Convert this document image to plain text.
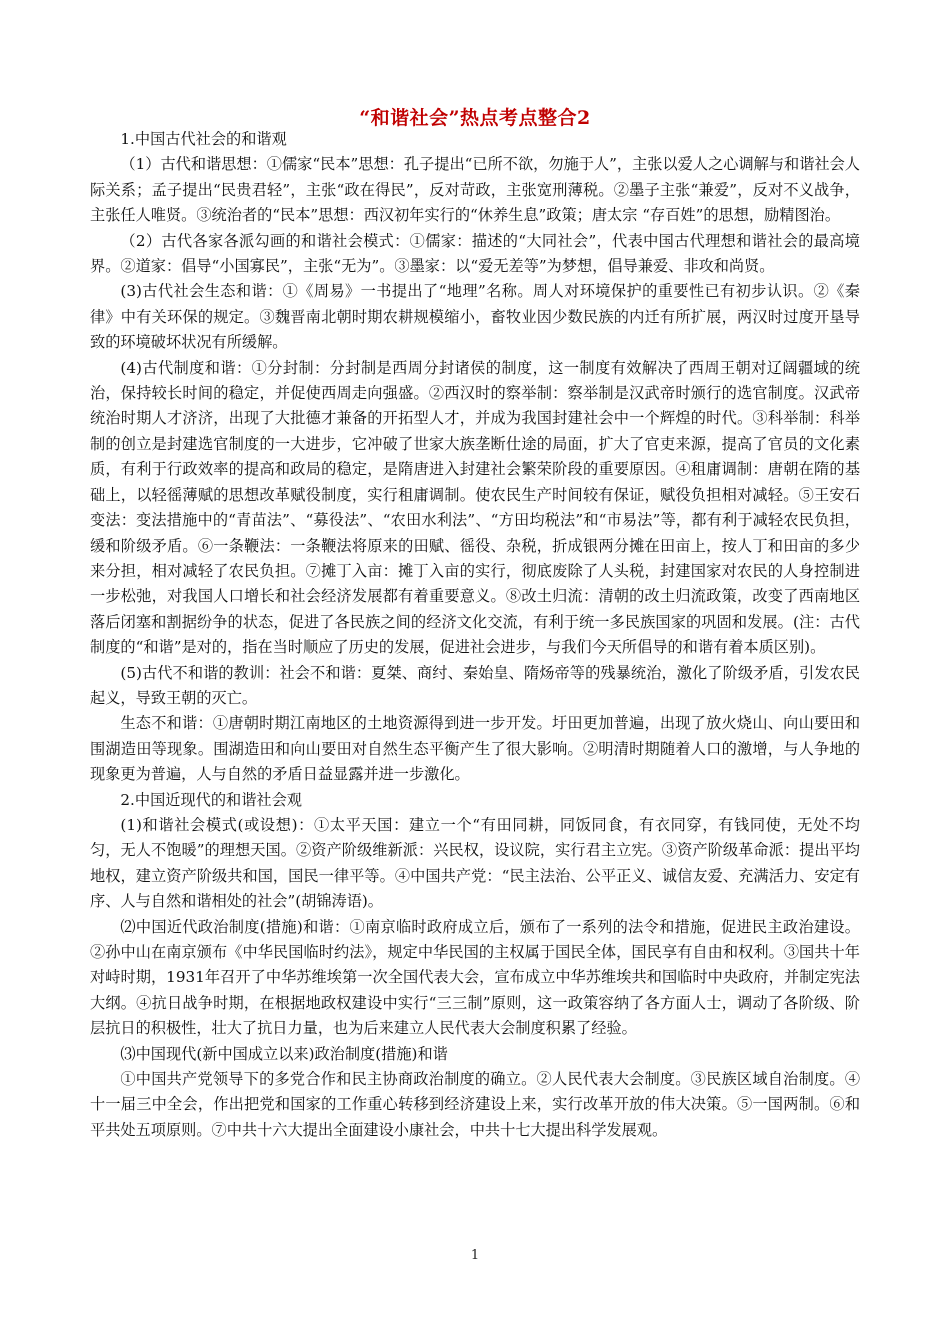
“和谐社会”热点考点整合2

1.中国古代社会的和谐观

（1）古代和谐思想：①儒家“民本”思想：孔子提出“已所不欲，勿施于人”，主张以爱人之心调解与和谐社会人际关系；孟子提出“民贵君轻”，主张“政在得民”，反对苛政，主张宽刑薄税。②墨子主张“兼爱”，反对不义战争，主张任人唯贤。③统治者的“民本”思想：西汉初年实行的“休养生息”政策；唐太宗 “存百姓”的思想，励精图治。

（2）古代各家各派勾画的和谐社会模式：①儒家：描述的“大同社会”，代表中国古代理想和谐社会的最高境界。②道家：倡导“小国寡民”，主张“无为”。③墨家：以“爱无差等”为梦想，倡导兼爱、非攻和尚贤。

(3)古代社会生态和谐：①《周易》一书提出了“地理”名称。周人对环境保护的重要性已有初步认识。②《秦律》中有关环保的规定。③魏晋南北朝时期农耕规模缩小，畜牧业因少数民族的内迁有所扩展，两汉时过度开垦导致的环境破坏状况有所缓解。

(4)古代制度和谐：①分封制：分封制是西周分封诸侯的制度，这一制度有效解决了西周王朝对辽阔疆域的统治，保持较长时间的稳定，并促使西周走向强盛。②西汉时的察举制：察举制是汉武帝时颁行的选官制度。汉武帝统治时期人才济济，出现了大批德才兼备的开拓型人才，并成为我国封建社会中一个辉煌的时代。③科举制：科举制的创立是封建选官制度的一大进步，它冲破了世家大族垄断仕途的局面，扩大了官吏来源，提高了官员的文化素质，有利于行政效率的提高和政局的稳定，是隋唐进入封建社会繁荣阶段的重要原因。④租庸调制：唐朝在隋的基础上，以轻徭薄赋的思想改革赋役制度，实行租庸调制。使农民生产时间较有保证，赋役负担相对减轻。⑤王安石变法：变法措施中的“青苗法”、“募役法”、“农田水利法”、“方田均税法”和“市易法”等，都有利于减轻农民负担，缓和阶级矛盾。⑥一条鞭法：一条鞭法将原来的田赋、徭役、杂税，折成银两分摊在田亩上，按人丁和田亩的多少来分担，相对减轻了农民负担。⑦摊丁入亩：摊丁入亩的实行，彻底废除了人头税，封建国家对农民的人身控制进一步松弛，对我国人口增长和社会经济发展都有着重要意义。⑧改土归流：清朝的改土归流政策，改变了西南地区落后闭塞和割据纷争的状态，促进了各民族之间的经济文化交流，有利于统一多民族国家的巩固和发展。(注：古代制度的“和谐”是对的，指在当时顺应了历史的发展，促进社会进步，与我们今天所倡导的和谐有着本质区别)。

(5)古代不和谐的教训：社会不和谐：夏桀、商纣、秦始皇、隋炀帝等的残暴统治，激化了阶级矛盾，引发农民起义，导致王朝的灭亡。

生态不和谐：①唐朝时期江南地区的土地资源得到进一步开发。圩田更加普遍，出现了放火烧山、向山要田和围湖造田等现象。围湖造田和向山要田对自然生态平衡产生了很大影响。②明清时期随着人口的激增，与人争地的现象更为普遍，人与自然的矛盾日益显露并进一步激化。

2.中国近现代的和谐社会观

(1)和谐社会模式(或设想)：①太平天国：建立一个“有田同耕，同饭同食，有衣同穿，有钱同使，无处不均匀，无人不饱暖”的理想天国。②资产阶级维新派：兴民权，设议院，实行君主立宪。③资产阶级革命派：提出平均地权，建立资产阶级共和国，国民一律平等。④中国共产党：“民主法治、公平正义、诚信友爱、充满活力、安定有序、人与自然和谐相处的社会”(胡锦涛语)。

⑵中国近代政治制度(措施)和谐：①南京临时政府成立后，颁布了一系列的法令和措施，促进民主政治建设。②孙中山在南京颁布《中华民国临时约法》，规定中华民国的主权属于国民全体，国民享有自由和权利。③国共十年对峙时期，1931年召开了中华苏维埃第一次全国代表大会，宣布成立中华苏维埃共和国临时中央政府，并制定宪法大纲。④抗日战争时期，在根据地政权建设中实行“三三制”原则，这一政策容纳了各方面人士，调动了各阶级、阶层抗日的积极性，壮大了抗日力量，也为后来建立人民代表大会制度积累了经验。

⑶中国现代(新中国成立以来)政治制度(措施)和谐

①中国共产党领导下的多党合作和民主协商政治制度的确立。②人民代表大会制度。③民族区域自治制度。④十一届三中全会，作出把党和国家的工作重心转移到经济建设上来，实行改革开放的伟大决策。⑤一国两制。⑥和平共处五项原则。⑦中共十六大提出全面建设小康社会，中共十七大提出科学发展观。

1
